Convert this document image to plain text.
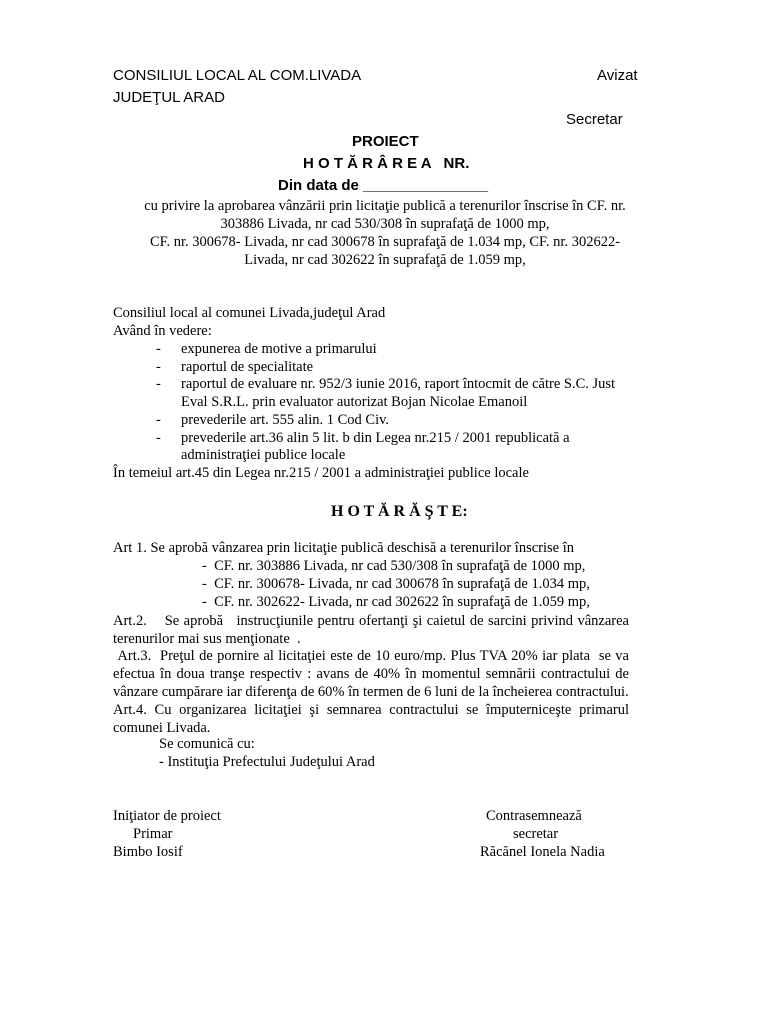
CONSILIUL LOCAL AL COM.LIVADA
JUDEŢUL ARAD
Avizat
Secretar
PROIECT
H O T Ă R Â R E A   NR.
Din data de _______________
cu privire la aprobarea vânzării prin licitaţie publică a terenurilor înscrise în CF. nr.
303886 Livada, nr cad 530/308 în suprafaţă de 1000 mp,
CF. nr. 300678- Livada, nr cad 300678 în suprafaţă de 1.034 mp, CF. nr. 302622-
Livada, nr cad 302622 în suprafaţă de 1.059 mp,
Consiliul local al comunei Livada,judeţul Arad
Având în vedere:
- expunerea de motive a primarului
- raportul de specialitate
- raportul de evaluare nr. 952/3 iunie 2016, raport întocmit de către S.C. Just
Eval S.R.L. prin evaluator autorizat Bojan Nicolae Emanoil
- prevederile art. 555 alin. 1 Cod Civ.
- prevederile art.36 alin 5 lit. b din Legea nr.215 / 2001 republicată a
administraţiei publice locale
În temeiul art.45 din Legea nr.215 / 2001 a administraţiei publice locale
H O T Ă R Ă Ş T E:
Art 1. Se aprobă vânzarea prin licitaţie publică deschisă a terenurilor înscrise în
-  CF. nr. 303886 Livada, nr cad 530/308 în suprafaţă de 1000 mp,
-  CF. nr. 300678- Livada, nr cad 300678 în suprafaţă de 1.034 mp,
-  CF. nr. 302622- Livada, nr cad 302622 în suprafaţă de 1.059 mp,
Art.2.    Se aprobă   instrucţiunile pentru ofertanţi şi caietul de sarcini privind vânzarea terenurilor mai sus menţionate  .
Art.3.  Preţul de pornire al licitaţiei este de 10 euro/mp. Plus TVA 20% iar plata  se va efectua în doua tranşe respectiv : avans de 40% în momentul semnării contractului de vânzare cumpărare iar diferenţa de 60% în termen de 6 luni de la încheierea contractului.
Art.4.  Cu  organizarea  licitaţiei  şi  semnarea  contractului  se  împuterniceşte  primarul comunei Livada.
Se comunică cu:
- Instituţia Prefectului Judeţului Arad
Iniţiator de proiect
Primar
Bimbo Iosif
Contrasemnează
secretar
Răcănel Ionela Nadia
